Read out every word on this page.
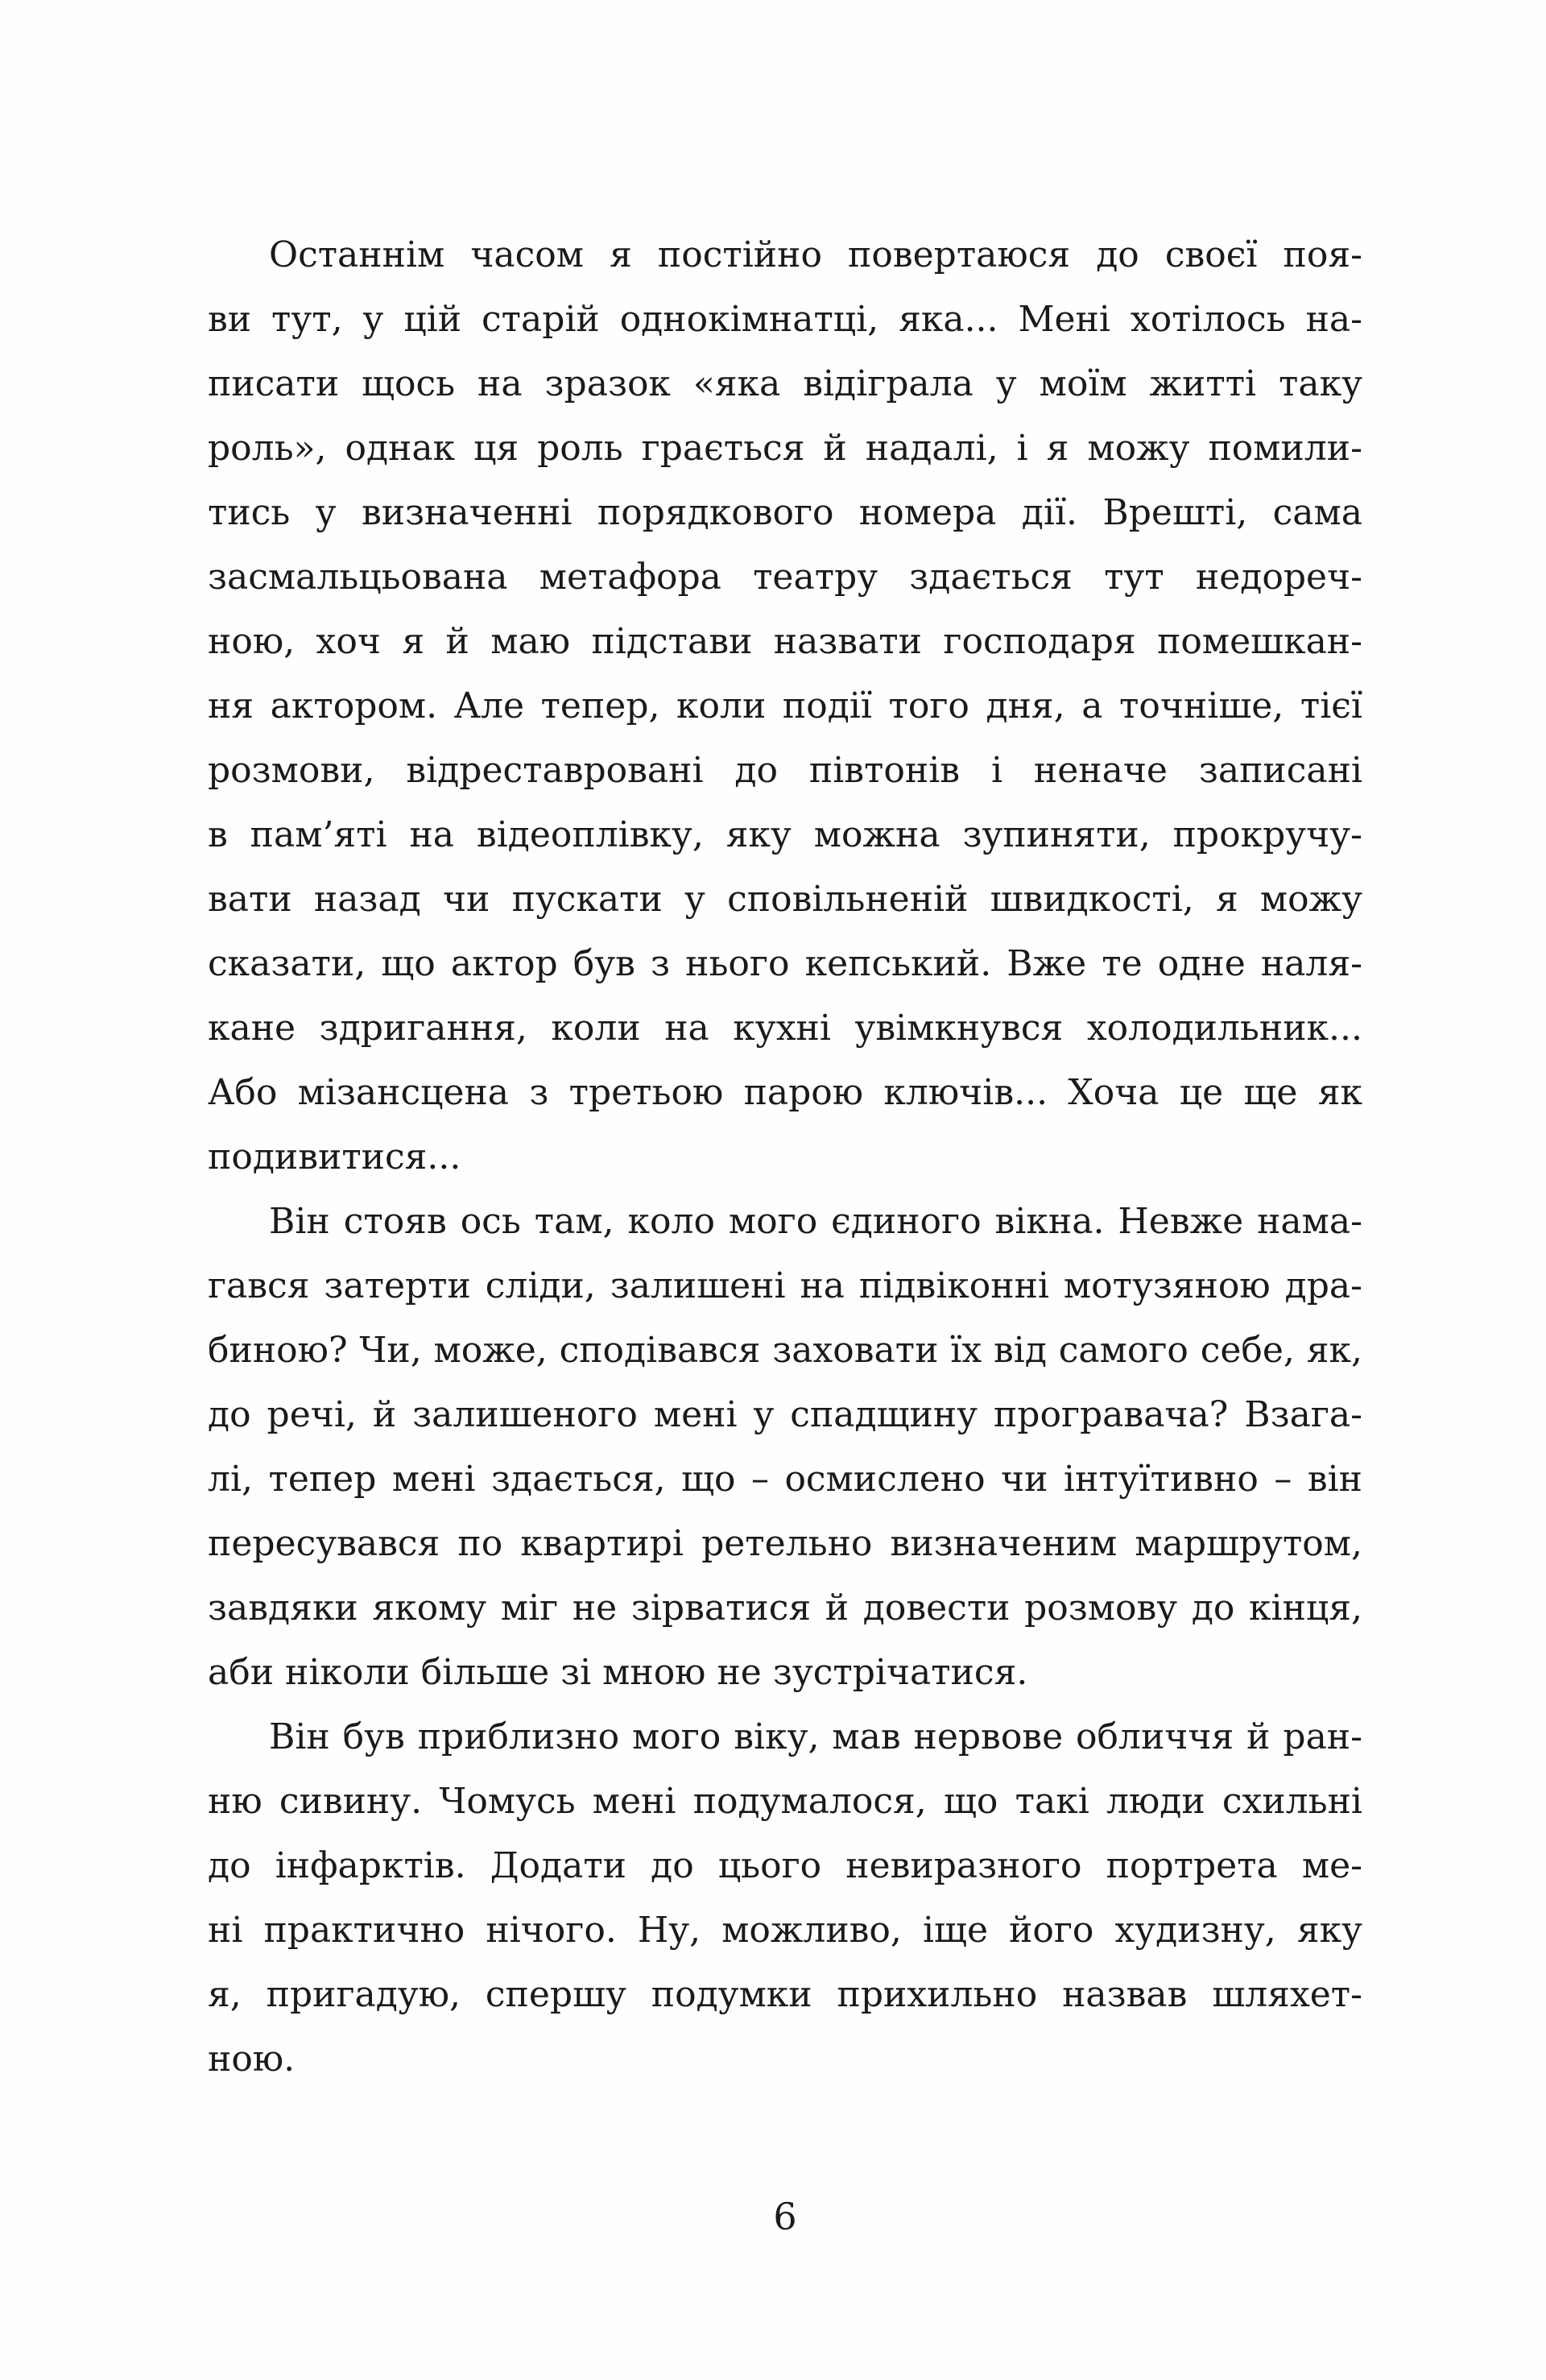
Останнім часом я постійно повертаюся до своєї поя-
ви тут, у цій старій однокімнатці, яка... Мені хотілось на-
писати щось на зразок «яка відіграла у моїм житті таку
роль», однак ця роль грається й надалі, і я можу помили-
тись у визначенні порядкового номера дії. Врешті, сама
засмальцьована метафора театру здається тут недореч-
ною, хоч я й маю підстави назвати господаря помешкан-
ня актором. Але тепер, коли події того дня, а точніше, тієї
розмови, відреставровані до півтонів і неначе записані
в пам’яті на відеоплівку, яку можна зупиняти, прокручу-
вати назад чи пускати у сповільненій швидкості, я можу
сказати, що актор був з нього кепський. Вже те одне наля-
кане здригання, коли на кухні увімкнувся холодильник...
Або мізансцена з третьою парою ключів... Хоча це ще як
подивитися...
Він стояв ось там, коло мого єдиного вікна. Невже нама-
гався затерти сліди, залишені на підвіконні мотузяною дра-
биною? Чи, може, сподівався заховати їх від самого себе, як,
до речі, й залишеного мені у спадщину програвача? Взага-
лі, тепер мені здається, що – осмислено чи інтуїтивно – він
пересувався по квартирі ретельно визначеним маршрутом,
завдяки якому міг не зірватися й довести розмову до кінця,
аби ніколи більше зі мною не зустрічатися.
Він був приблизно мого віку, мав нервове обличчя й ран-
ню сивину. Чомусь мені подумалося, що такі люди схильні
до інфарктів. Додати до цього невиразного портрета ме-
ні практично нічого. Ну, можливо, іще його худизну, яку
я, пригадую, спершу подумки прихильно назвав шляхет-
ною.
6
